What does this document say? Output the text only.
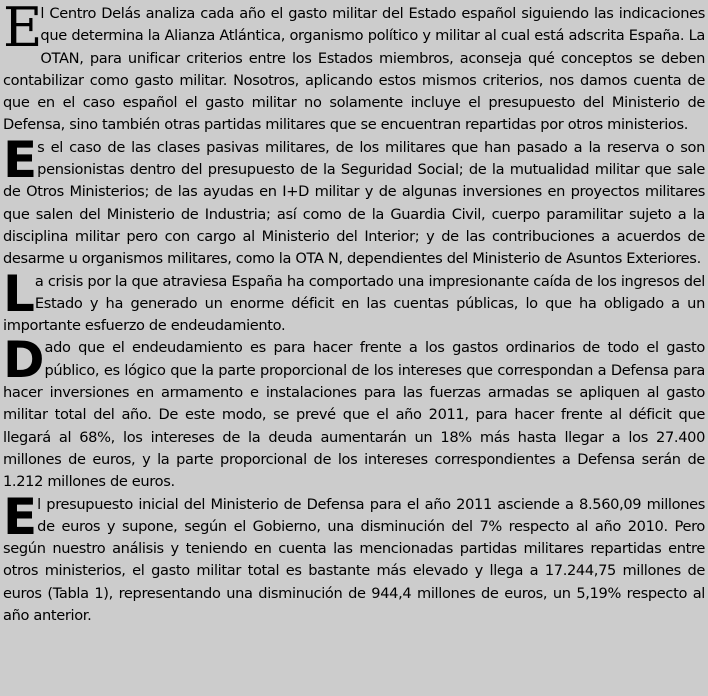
El Centro Delás analiza cada año el gasto militar del Estado español siguiendo las indicaciones que determina la Alianza Atlántica, organismo político y militar al cual está adscrita España. La OTAN, para unificar criterios entre los Estados miembros, aconseja qué conceptos se deben contabilizar como gasto militar. Nosotros, aplicando estos mismos criterios, nos damos cuenta de que en el caso español el gasto militar no solamente incluye el presupuesto del Ministerio de Defensa, sino también otras partidas militares que se encuentran repartidas por otros ministerios.

Es el caso de las clases pasivas militares, de los militares que han pasado a la reserva o son pensionistas dentro del presupuesto de la Seguridad Social; de la mutualidad militar que sale de Otros Ministerios; de las ayudas en I+D militar y de algunas inversiones en proyectos militares que salen del Ministerio de Industria; así como de la Guardia Civil, cuerpo paramilitar sujeto a la disciplina militar pero con cargo al Ministerio del Interior; y de las contribuciones a acuerdos de desarme u organismos militares, como la OTA N, dependientes del Ministerio de Asuntos Exteriores.

La crisis por la que atraviesa España ha comportado una impresionante caída de los ingresos del Estado y ha generado un enorme déficit en las cuentas públicas, lo que ha obligado a un importante esfuerzo de endeudamiento.

Dado que el endeudamiento es para hacer frente a los gastos ordinarios de todo el gasto público, es lógico que la parte proporcional de los intereses que correspondan a Defensa para hacer inversiones en armamento e instalaciones para las fuerzas armadas se apliquen al gasto militar total del año. De este modo, se prevé que el año 2011, para hacer frente al déficit que llegará al 68%, los intereses de la deuda aumentarán un 18% más hasta llegar a los 27.400 millones de euros, y la parte proporcional de los intereses correspondientes a Defensa serán de 1.212 millones de euros.

El presupuesto inicial del Ministerio de Defensa para el año 2011 asciende a 8.560,09 millones de euros y supone, según el Gobierno, una disminución del 7% respecto al año 2010. Pero según nuestro análisis y teniendo en cuenta las mencionadas partidas militares repartidas entre otros ministerios, el gasto militar total es bastante más elevado y llega a 17.244,75 millones de euros (Tabla 1), representando una disminución de 944,4 millones de euros, un 5,19% respecto al año anterior.
